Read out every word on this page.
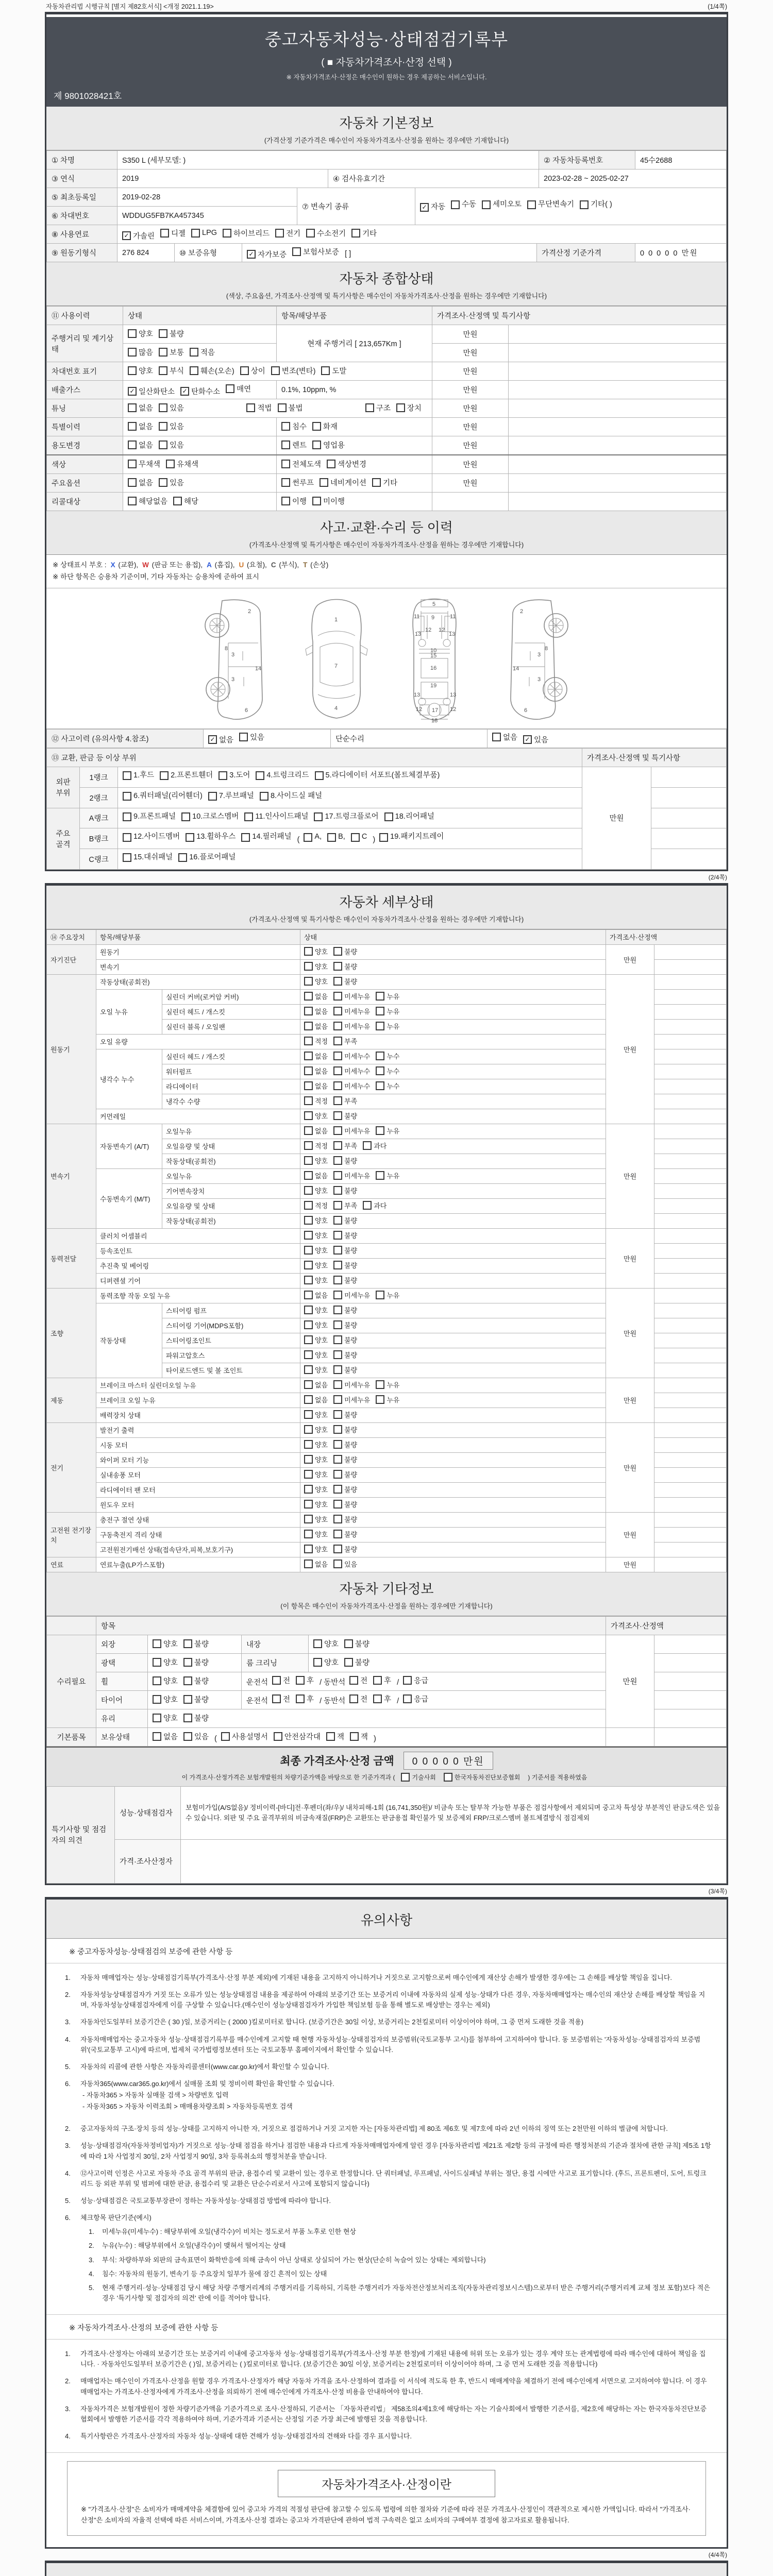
자동차관리법 시행규칙 [별지 제82호서식] <개정 2021.1.19>	(1/4쪽)
중고자동차성능·상태점검기록부
( ■ 자동차가격조사·산정 선택 )
※ 자동차가격조사·산정은 매수인이 원하는 경우 제공하는 서비스입니다.
제 9801028421호
자동차 기본정보
(가격산정 기준가격은 매수인이 자동차가격조사·산정을 원하는 경우에만 기재합니다)
① 차명	S350 L (세부모델: )		② 자동차등록번호	45수2688
③ 연식	2019	④ 검사유효기간	2023-02-28 ~ 2025-02-27	
⑤ 최초등록일	2019-02-28	⑦ 변속기 종류	✓ 자동 수동 세미오토 무단변속기 기타( )

⑥ 차대번호	WDDUG5FB7KA457345		
⑧ 사용연료	✓ 가솔린 디젤 LPG 하이브리드 전기 수소전기 기타
⑨ 원동기형식	276 824	⑩ 보증유형	✓ 자가보증 보험사보증 [ ]	가격산정 기준가격	0 0 0 0 0 만원
자동차 종합상태
(색상, 주요옵션, 가격조사·산정액 및 특기사항은 매수인이 자동차가격조사·산정을 원하는 경우에만 기재합니다)
⑪ 사용이력	상태	항목/해당부품	가격조사·산정액 및 특기사항	
주행거리 및 계기상태	양호 불량	현재 주행거리 [ 213,657Km ]	만원	

	많음 보통 적음		만원	
차대번호 표기	양호 부식 훼손(오손) 상이 변조(변타) 도말	만원	
배출가스	✓ 일산화탄소 ✓ 탄화수소 매연	0.1%, 10ppm, %	만원	
튜닝	없음 있음	적법 불법	구조 장치	만원	
특별이력	없음 있음	침수 화재	만원	
용도변경	없음 있음	렌트 영업용	만원	
색상	무채색 유채색	전체도색 색상변경	만원	
주요옵션	없음 있음	썬루프 네비게이션 기타	만원	
리콜대상	해당없음 해당	이행 미이행		

사고·교환·수리 등 이력
(가격조사·산정액 및 특기사항은 매수인이 자동차가격조사·산정을 원하는 경우에만 기재합니다)
※ 상태표시 부호 : X (교환), W (판금 또는 용접), A (흠집), U (요철), C (부식), T (손상)
※ 하단 항목은 승용차 기준이며, 기타 자동차는 승용차에 준하여 표시
2
3
3
8
14
6
1
7
4
5
9
11	11
13	13
12 12
10
15
16
19
13	13
12	12
17
18
2
3
3
8
14
6
⑫ 사고이력 (유의사항 4.참조)	✓ 없음 있음	단순수리	없음 ✓ 있음
⑬ 교환, 판금 등 이상 부위			가격조사·산정액 및 특기사항	
외판 부위	1랭크	1.후드 2.프론트휀더 3.도어 4.트렁크리드 5.라디에이터 서포트(볼트체결부품)	만원	
	2랭크	6.쿼터패널(리어휀더) 7.루브패널 8.사이드실 패널		

주요 골격	A랭크	9.프론트패널 10.크로스멤버 11.인사이드패널 17.트렁크플로어 18.리어패널		

B랭크	12.사이드멤버 13.휠하우스 14.필러패널 ( A, B, C ) 19.패키지트레이

	C랭크	15.대쉬패널 16.플로어패널		

(2/4쪽)
자동차 세부상태
(가격조사·산정액 및 특기사항은 매수인이 자동차가격조사·산정을 원하는 경우에만 기재합니다)
⑭ 주요장치	항목/해당부품		상태	가격조사·산정액	
자기진단	원동기		양호 불량	만원	
	변속기		양호 불량		

원동기	작동상태(공회전)		양호 불량	만원	
	오일 누유	실린더 커버(로커암 커버)	없음 미세누유 누유		

		실린더 헤드 / 개스킷	없음 미세누유 누유		

		실린더 블록 / 오일팬	없음 미세누유 누유		

	오일 유량		적정 부족		

	냉각수 누수	실린더 헤드 / 개스킷	없음 미세누수 누수		

		워터펌프	없음 미세누수 누수		

		라디에이터	없음 미세누수 누수		

		냉각수 수량	적정 부족		

	커먼레일		양호 불량		

변속기	자동변속기 (A/T)	오일누유	없음 미세누유 누유	만원	
		오일유량 및 상태	적정 부족 과다		

		작동상태(공회전)	양호 불량		

	수동변속기 (M/T)	오일누유	없음 미세누유 누유		

		기어변속장치	양호 불량		

		오일유량 및 상태	적정 부족 과다		

		작동상태(공회전)	양호 불량		

동력전달	클러치 어셈블리		양호 불량	만원	
	등속조인트		양호 불량		

	추진축 및 베어링		양호 불량		

	디퍼렌셜 기어		양호 불량		

조향	동력조향 작동 오일 누유		없음 미세누유 누유	만원	
	작동상태	스티어링 펌프	양호 불량		

		스티어링 기어(MDPS포함)	양호 불량		

		스티어링조인트	양호 불량		

		파워고압호스	양호 불량		

		타이로드엔드 및 볼 조인트	양호 불량		

제동	브레이크 마스터 실린더오일 누유		없음 미세누유 누유	만원	
	브레이크 오일 누유		없음 미세누유 누유		

	배력장치 상태		양호 불량		

전기	발전기 출력		양호 불량	만원	
	시동 모터		양호 불량		

	와이퍼 모터 기능		양호 불량		

	실내송풍 모터		양호 불량		

	라디에이터 팬 모터		양호 불량		

	윈도우 모터		양호 불량		

고전원 전기장치	충전구 절연 상태		양호 불량	만원	
	구동축전지 격리 상태		양호 불량		

	고전원전기배선 상태(접속단자,피복,보호기구)		양호 불량		

연료	연료누출(LP가스포함)		없음 있음	만원	
자동차 기타정보
(이 항목은 매수인이 자동차가격조사·산정을 원하는 경우에만 기재합니다)
	항목				가격조사·산정액	
수리필요	외장	양호 불량	내장	양호 불량	만원	
	광택	양호 불량	룸 크리닝	양호 불량		

휠	양호 불량	운전석 전 후 / 동반석 전 후 / 응급

타이어	양호 불량	운전석 전 후 / 동반석 전 후 / 응급

	유리	양호 불량				

기본품목	보유상태	없음 있음 ( 사용설명서 안전삼각대 잭 잭 )		
최종 가격조사·산정 금액	0 0 0 0 0 만원
이 가격조사·산정가격은 보험개발원의 차량기준가액을 바탕으로 한 기준가격과 (	기술사회	한국자동차진단보증협회 ) 기준서를 적용하였음
특기사항 및 점검자의 의견	성능·상태점검자	보험미가입(A/S없음)/ 정비이력-[바디]전·후펜더(좌/우)/ 내차피해-1회 (16,741,350원)/ 비금속 또는 탈부착 가능한 부품은 점검사항에서 제외되며 중고차 특성상 부분적인 판금도색은 있을 수 있습니다. 외판 및 주요 골격부위의 비금속재질(FRP)은 교환또는 판금용접 확인불가 및 보증제외 FRP/크로스멤버 볼트체결방식 점검제외
	가격·조사산정자	
(3/4쪽)
유의사항
※ 중고자동차성능·상태점검의 보증에 관한 사항 등
1.	자동차 매매업자는 성능·상태점검기록부(가격조사·산정 부분 제외)에 기재된 내용을 고지하지 아니하거나 거짓으로 고지함으로써 매수인에게 재산상 손해가 발생한 경우에는 그 손해를 배상할 책임을 집니다.
2.	자동차성능상태점검자가 거짓 또는 오류가 있는 성능상태점검 내용을 제공하여 아래의 보증기간 또는 보증거리 이내에 자동차의 실제 성능·상태가 다른 경우, 자동차매매업자는 매수인의 재산상 손해를 배상할 책임을 지며, 자동차성능상태점검자에게 이를 구상할 수 있습니다.(매수인이 성능상태점검자가 가입한 책임보험 등을 통해 별도로 배상받는 경우는 제외)
3.	자동차인도일부터 보증기간은 ( 30 )일, 보증거리는 ( 2000 )킬로미터로 합니다. (보증기간은 30일 이상, 보증거리는 2천킬로미터 이상이어야 하며, 그 중 먼저 도래한 것을 적용)
4.	자동차매매업자는 중고자동차 성능·상태점검기록부를 매수인에게 고지할 때 현행 자동차성능·상태점검자의 보증범위(국토교통부 고시)를 첨부하여 고지하여야 합니다. 동 보증범위는 '자동차성능·상태점검자의 보증범위'(국토교통부 고시)에 따르며, 법제처 국가법령정보센터 또는 국토교통부 홈페이지에서 확인할 수 있습니다.
5.	자동차의 리콜에 관한 사항은 자동차리콜센터(www.car.go.kr)에서 확인할 수 있습니다.
6.	자동차365(www.car365.go.kr)에서 실매물 조회 및 정비이력 확인을 확인할 수 있습니다.
- 자동차365 > 자동차 실매물 검색 > 차량번호 입력
- 자동차365 > 자동차 이력조회 > 매매용차량조회 > 자동차등록번호 검색
2.	중고자동차의 구조·장치 등의 성능·상태를 고지하지 아니한 자, 거짓으로 점검하거나 거짓 고지한 자는 [자동차관리법] 제 80조 제6호 및 제7호에 따라 2년 이하의 징역 또는 2천만원 이하의 벌금에 처합니다.
3.	성능·상태점검자(자동차정비업자)가 거짓으로 성능·상태 점검을 하거나 점검한 내용과 다르게 자동차매매업자에게 알린 경우 [자동차관리법 제21조 제2항 등의 규정에 따른 행정처분의 기준과 절차에 관한 규칙] 제5조 1항에 따라 1차 사업정지 30일, 2차 사업정지 90일, 3차 등록취소의 행정처분을 받습니다.
4.	⑫사고이력 인정은 사고로 자동차 주요 골격 부위의 판금, 용접수리 및 교환이 있는 경우로 한정합니다. 단 쿼터패널, 루프패널, 사이드실패널 부위는 절단, 용접 시에만 사고로 표기합니다. (후드, 프론트펜더, 도어, 트렁크리드 등 외판 부위 및 범퍼에 대한 판금, 용접수리 및 교환은 단순수리로서 사고에 포함되지 않습니다)
5.	성능·상태점검은 국토교통부장관이 정하는 자동차성능·상태점검 방법에 따라야 합니다.
6.	체크항목 판단기준(예시)
1.	미세누유(미세누수) : 해당부위에 오일(냉각수)이 비치는 정도로서 부품 노후로 인한 현상
2.	누유(누수) : 해당부위에서 오일(냉각수)이 맺혀서 떨어지는 상태
3.	부식: 차량하부와 외판의 금속표면이 화학반응에 의해 금속이 아닌 상태로 상실되어 가는 현상(단순히 녹슬어 있는 상태는 제외합니다)
4.	침수: 자동차의 원동기, 변속기 등 주요장치 일부가 물에 잠긴 흔적이 있는 상태
5.	현재 주행거리·성능·상태점검 당시 해당 차량 주행거리계의 주행거리를 기록하되, 기록한 주행거리가 자동차전산정보처리조직(자동차관리정보시스템)으로부터 받은 주행거리(주행거리계 교체 정보 포함)보다 적은 경우 '특기사항 및 점검자의 의견' 란에 이를 적어야 합니다.
※ 자동차가격조사·산정의 보증에 관한 사항 등
1.	가격조사·산정자는 아래의 보증기간 또는 보증거리 이내에 중고자동차 성능·상태점검기록부(가격조사·산정 부분 한정)에 기재된 내용에 허위 또는 오류가 있는 경우 계약 또는 관계법령에 따라 매수인에 대하여 책임을 집니다. · 자동차인도일부터 보증기간은 ( )일, 보증거리는 ( )킬로미터로 합니다. (보증기간은 30일 이상, 보증거리는 2천킬로미터 이상이어야 하며, 그 중 먼저 도래한 것을 적용합니다)
2.	매매업자는 매수인이 가격조사·산정을 원할 경우 가격조사·산정자가 해당 자동차 가격을 조사·산정하여 결과를 이 서식에 적도록 한 후, 반드시 매매계약을 체결하기 전에 매수인에게 서면으로 고지하여야 합니다. 이 경우 매매업자는 가격조사·산정자에게 가격조사·산정을 의뢰하기 전에 매수인에게 가격조사·산정 비용을 안내하여야 합니다.
3.	자동차가격은 보험개발원이 정한 차량기준가액을 기준가격으로 조사·산정하되, 기준서는 「자동차관리법」 제58조의4제1호에 해당하는 자는 기술사회에서 발행한 기준서를, 제2호에 해당하는 자는 한국자동차진단보증협회에서 발행한 기준서를 각각 적용하여야 하며, 기준가격과 기준서는 산정일 기준 가장 최근에 발행된 것을 적용합니다.
4.	특기사항란은 가격조사·산정자의 자동차 성능·상태에 대한 견해가 성능·상태점검자의 견해와 다를 경우 표시합니다.
자동차가격조사·산정이란
※ "가격조사·산정"은 소비자가 매매계약을 체결함에 있어 중고차 가격의 적절성 판단에 참고할 수 있도록 법령에 의한 절차와 기준에 따라 전문 가격조사·산정인이 객관적으로 제시한 가액입니다. 따라서 "가격조사·산정"은 소비자의 자율적 선택에 따른 서비스이며, 가격조사·산정 결과는 중고차 가격판단에 관하여 법적 구속력은 없고 소비자의 구매여부 결정에 참고자료로 활용됩니다.
(4/4쪽)
